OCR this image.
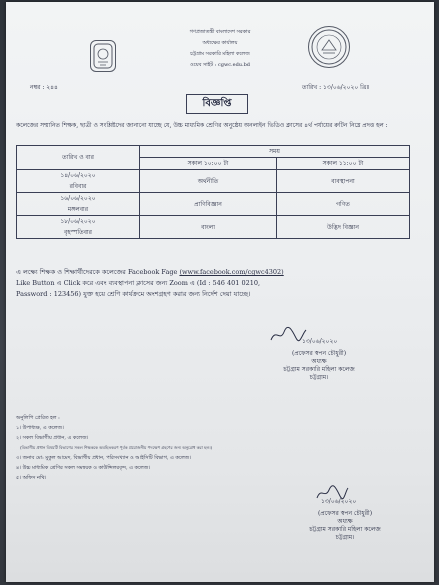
গণপ্রজাতন্ত্রী বাংলাদেশ সরকার
অধ্যক্ষের কার্যালয়
চট্টগ্রাম সরকারি মহিলা কলেজ
ওয়েব সাইট : cgwc.edu.bd
নম্বর : ২৪৪	তারিখ : ১৩/০৬/২০২০ খ্রিঃ
বিজ্ঞপ্তি
কলেজের সম্মানিত শিক্ষক, ছাত্রী ও সংশ্লিষ্টদের জানানো যাচ্ছে যে, উচ্চ মাধ্যমিক শ্রেণির অনুষ্ঠেয় অনলাইন ভিডিও ক্লাসের ৪র্থ পর্যায়ের রুটিন নিম্নে প্রদত্ত হল :
তারিখ ও বার	সময়	
	সকাল ১০:০০ টা	সকাল ১১:০০ টা

১৪/০৬/২০২০
রবিবার	অর্থনীতি	ব্যবস্থাপনা

১৬/০৬/২০২০
মঙ্গলবার	প্রাণিবিজ্ঞান	গণিত

১৮/০৬/২০২০
বৃহস্পতিবার	বাংলা	উদ্ভিদ বিজ্ঞান
এ লক্ষ্যে শিক্ষক ও শিক্ষার্থীদেরকে কলেজের Facebook Fage (www.facebook.com/cgwc4302)
Like Button এ Click করে এবং ব্যবস্থাপনা ক্লাসের জন্য Zoom এ (Id : 546 401 0210,
Password : 123456) যুক্ত হয়ে শ্রেণি কার্যক্রমে অংশগ্রহণ করার জন্য নির্দেশ দেয়া যাচ্ছে।
১৩/০৬/২০২০
(প্রফেসর স্বপন চৌধুরী)
অধ্যক্ষ
চট্টগ্রাম সরকারি মহিলা কলেজ
চট্টগ্রাম।
অনুলিপি প্রেরিত হল :
১। উপাধ্যক্ষ, এ কলেজ।
২। সকল বিভাগীয় প্রধান, এ কলেজ।
(বিভাগীয় প্রধান বিষয়টি বিভাগের সকল শিক্ষককে অবহিতকরণ পূর্বক প্রয়োজনীয় পদক্ষেপ গ্রহণের জন্য অনুরোধ করা হল।)
৩। জনাব মো: মুকুল আমেদ, বিভাগীয় প্রধান, পরিসংখ্যান ও আইসিটি বিভাগ, এ কলেজ।
৪। উচ্চ মাধ্যমিক শ্রেণির সকল সমন্বয়ক ও কাউন্সিলরবৃন্দ, এ কলেজ।
৫। অফিস নথি।
১৩/০৬/২০২০
(প্রফেসর স্বপন চৌধুরী)
অধ্যক্ষ
চট্টগ্রাম সরকারি মহিলা কলেজ
চট্টগ্রাম।
